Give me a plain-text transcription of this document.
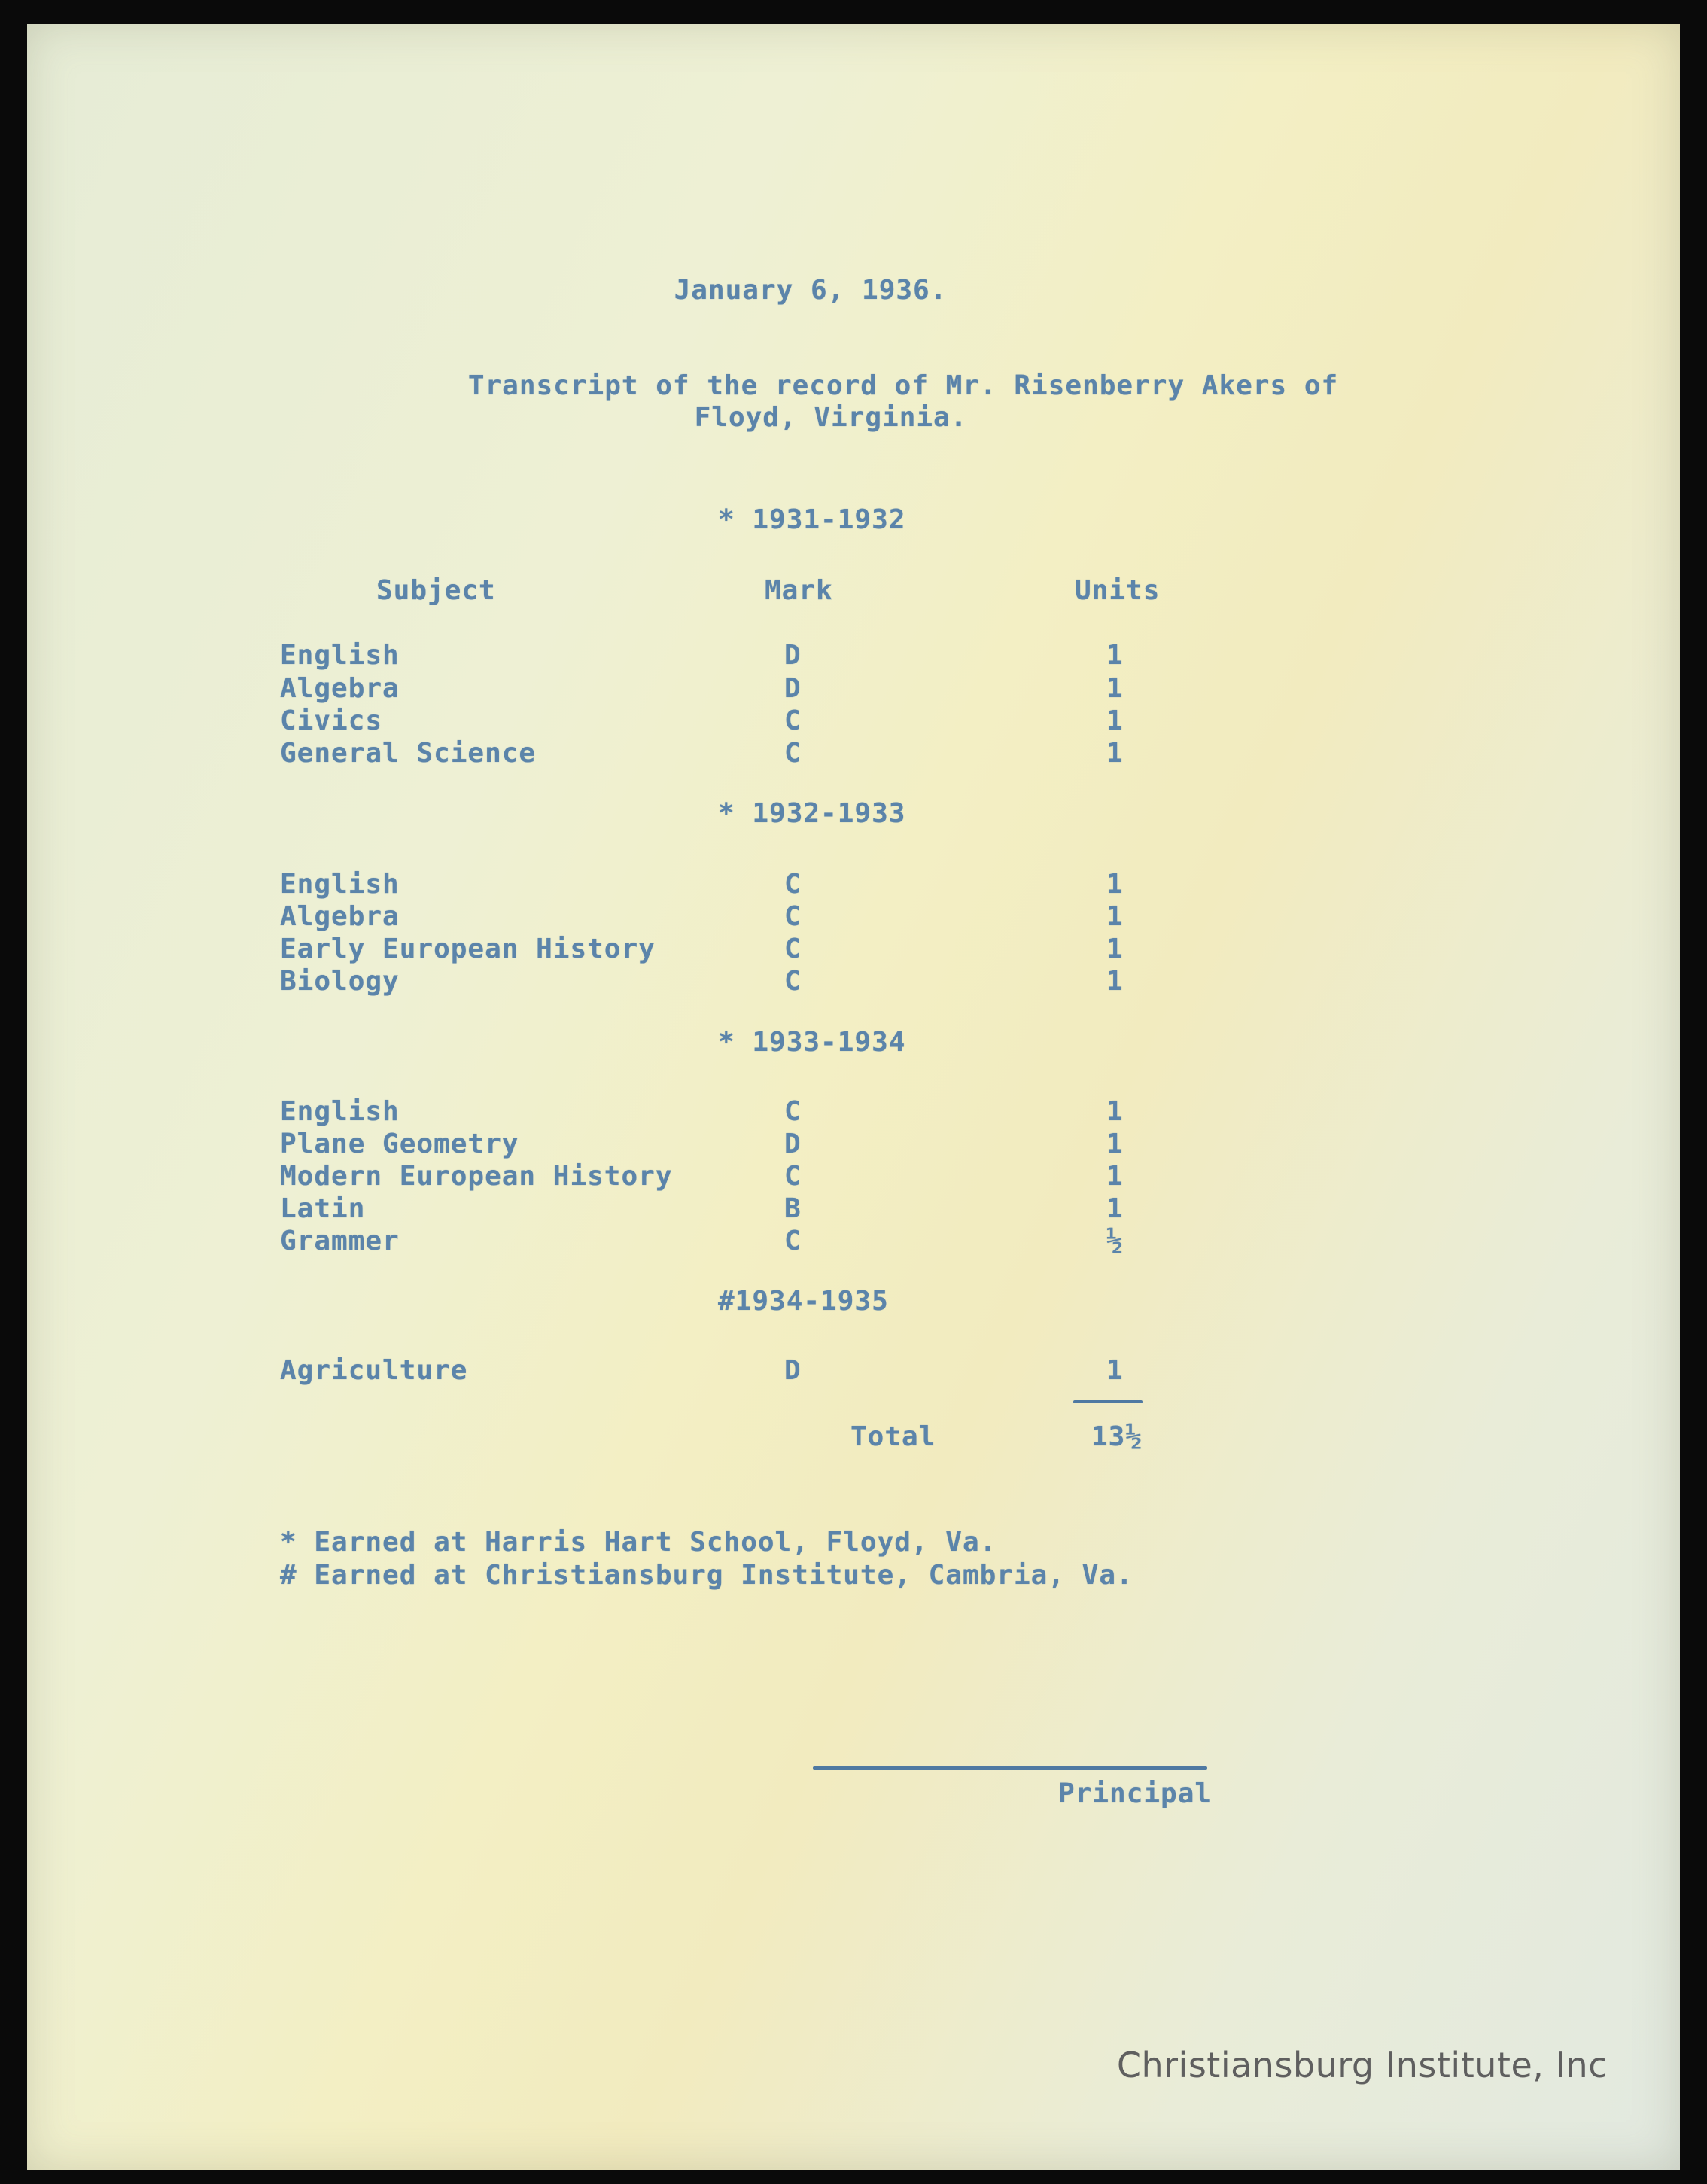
January 6, 1936.
Transcript of the record of Mr. Risenberry Akers of
Floyd, Virginia.
* 1931-1932
Subject	Mark	Units
English	D	1
Algebra	D	1
Civics	C	1
General Science	C	1
* 1932-1933
English	C	1
Algebra	C	1
Early European History	C	1
Biology	C	1
* 1933-1934
English	C	1
Plane Geometry	D	1
Modern European History	C	1
Latin	B	1
Grammer	C	½
#1934-1935
Agriculture	D	1
Total	13½
* Earned at Harris Hart School, Floyd, Va.
# Earned at Christiansburg Institute, Cambria, Va.
Principal
Christiansburg Institute, Inc
